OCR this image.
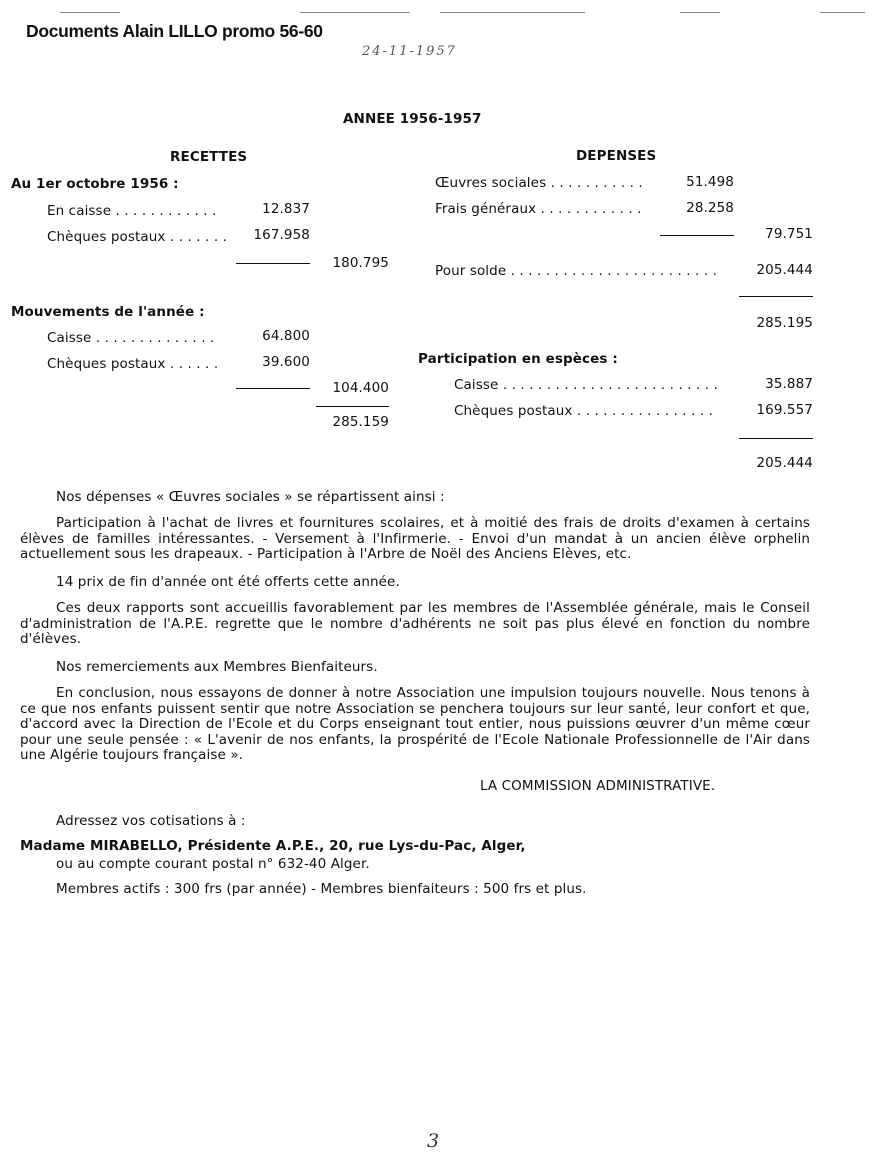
Documents Alain LILLO promo 56-60
24-11-1957
ANNEE 1956-1957
RECETTES
Au 1er octobre 1956 :
En caisse . . . . . . . . . . . .	12.837
Chèques postaux . . . . . . .	167.958
180.795
Mouvements de l'année :
Caisse . . . . . . . . . . . . . .	64.800
Chèques postaux . . . . . .	39.600
104.400
285.159
DEPENSES
Œuvres sociales . . . . . . . . . . .	51.498
Frais généraux . . . . . . . . . . . .	28.258
79.751
Pour solde . . . . . . . . . . . . . . . . . . . . . . . .	205.444
285.195
Participation en espèces :
Caisse . . . . . . . . . . . . . . . . . . . . . . . . .	35.887
Chèques postaux . . . . . . . . . . . . . . . .	169.557
205.444
Nos dépenses « Œuvres sociales » se répartissent ainsi :
Participation à l'achat de livres et fournitures scolaires, et à moitié des frais de droits d'examen à certains élèves de familles intéressantes. - Versement à l'Infirmerie. - Envoi d'un mandat à un ancien élève orphelin actuellement sous les drapeaux. - Participation à l'Arbre de Noël des Anciens Elèves, etc.
14 prix de fin d'année ont été offerts cette année.
Ces deux rapports sont accueillis favorablement par les membres de l'Assemblée générale, mais le Conseil d'administration de l'A.P.E. regrette que le nombre d'adhérents ne soit pas plus élevé en fonction du nombre d'élèves.
Nos remerciements aux Membres Bienfaiteurs.
En conclusion, nous essayons de donner à notre Association une impulsion toujours nouvelle. Nous tenons à ce que nos enfants puissent sentir que notre Association se penchera toujours sur leur santé, leur confort et que, d'accord avec la Direction de l'Ecole et du Corps enseignant tout entier, nous puissions œuvrer d'un même cœur pour une seule pensée : « L'avenir de nos enfants, la prospérité de l'Ecole Nationale Professionnelle de l'Air dans une Algérie toujours française ».
LA COMMISSION ADMINISTRATIVE.
Adressez vos cotisations à :
Madame MIRABELLO, Présidente A.P.E., 20, rue Lys-du-Pac, Alger,
ou au compte courant postal n° 632-40 Alger.
Membres actifs : 300 frs (par année) - Membres bienfaiteurs : 500 frs et plus.
3
